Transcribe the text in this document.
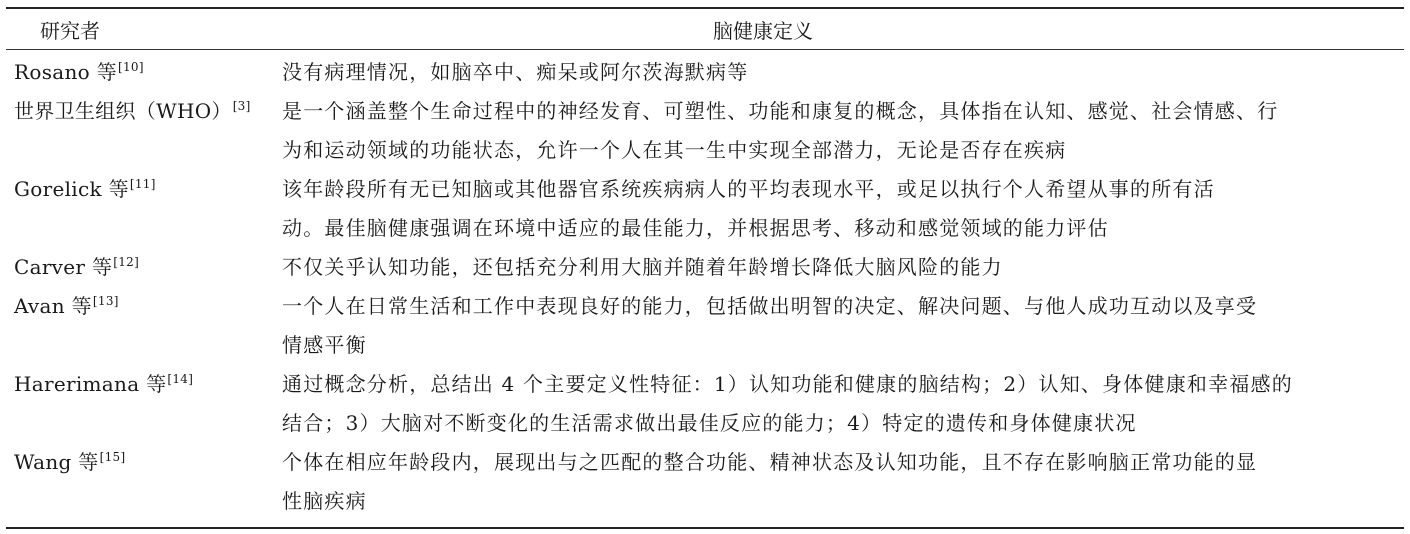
研究者	脑健康定义
Rosano 等[10]	没有病理情况，如脑卒中、痴呆或阿尔茨海默病等
世界卫生组织（WHO）[3]	是一个涵盖整个生命过程中的神经发育、可塑性、功能和康复的概念，具体指在认知、感觉、社会情感、行
为和运动领域的功能状态，允许一个人在其一生中实现全部潜力，无论是否存在疾病
Gorelick 等[11]	该年龄段所有无已知脑或其他器官系统疾病病人的平均表现水平，或足以执行个人希望从事的所有活
动。最佳脑健康强调在环境中适应的最佳能力，并根据思考、移动和感觉领域的能力评估
Carver 等[12]	不仅关乎认知功能，还包括充分利用大脑并随着年龄增长降低大脑风险的能力
Avan 等[13]	一个人在日常生活和工作中表现良好的能力，包括做出明智的决定、解决问题、与他人成功互动以及享受
情感平衡
Harerimana 等[14]	通过概念分析，总结出 4 个主要定义性特征：1）认知功能和健康的脑结构；2）认知、身体健康和幸福感的
结合；3）大脑对不断变化的生活需求做出最佳反应的能力；4）特定的遗传和身体健康状况
Wang 等[15]	个体在相应年龄段内，展现出与之匹配的整合功能、精神状态及认知功能，且不存在影响脑正常功能的显
性脑疾病
